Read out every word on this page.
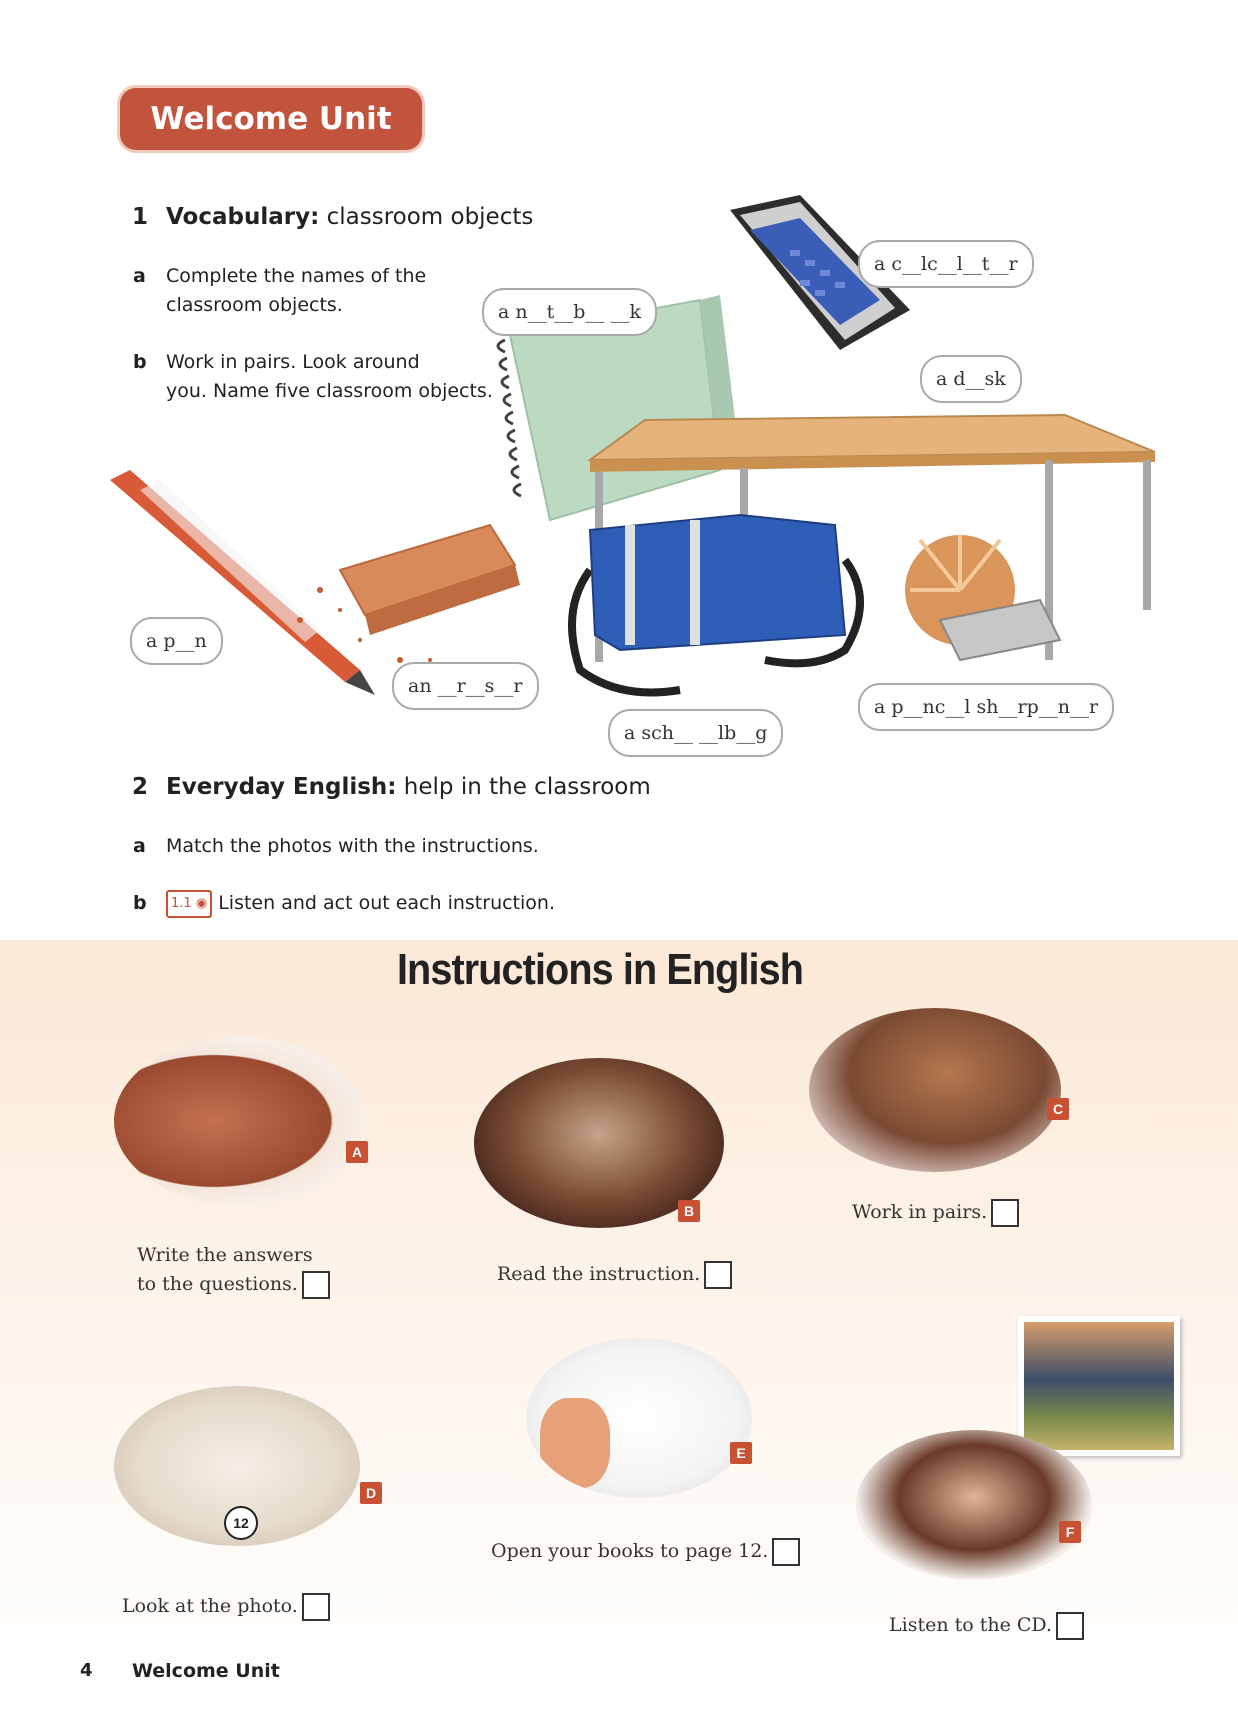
Welcome Unit
1 Vocabulary: classroom objects
a Complete the names of the
classroom objects.
b Work in pairs. Look around
you. Name five classroom objects.
a n__t__b__ __k
a c__lc__l__t__r
a d__sk
a p__n
an __r__s__r
a sch__ __lb__g
a p__nc__l sh__rp__n__r
2 Everyday English: help in the classroom
a Match the photos with the instructions.
b 1.1 ◉ Listen and act out each instruction.
Instructions in English
A
Write the answers
to the questions.
B
Read the instruction.
C
Work in pairs.
12
D
Look at the photo.
E
Open your books to page 12.
F
Listen to the CD.
4 Welcome Unit
